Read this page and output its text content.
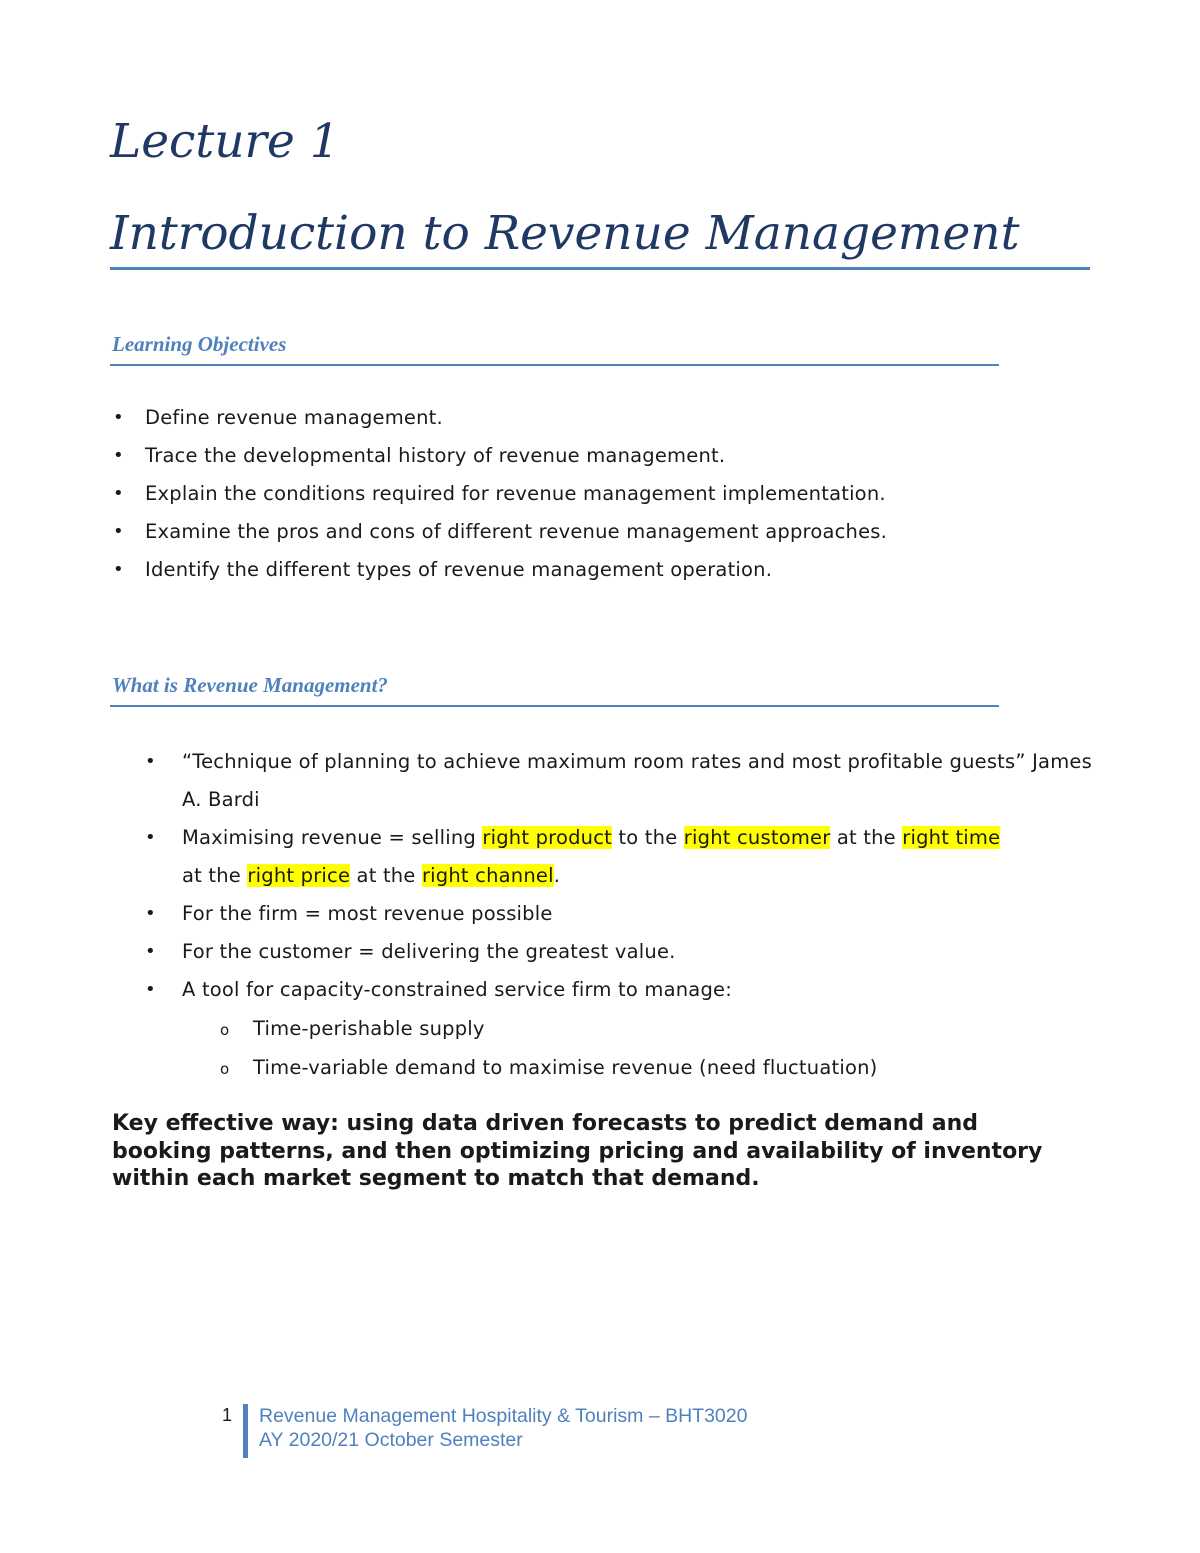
Lecture 1
Introduction to Revenue Management
Learning Objectives
• Define revenue management.
• Trace the developmental history of revenue management.
• Explain the conditions required for revenue management implementation.
• Examine the pros and cons of different revenue management approaches.
• Identify the different types of revenue management operation.
What is Revenue Management?
• “Technique of planning to achieve maximum room rates and most profitable guests” James A. Bardi
• Maximising revenue = selling right product to the right customer at the right time
at the right price at the right channel.
• For the firm = most revenue possible
• For the customer = delivering the greatest value.
• A tool for capacity-constrained service firm to manage:
o Time-perishable supply
o Time-variable demand to maximise revenue (need fluctuation)

Key effective way: using data driven forecasts to predict demand and booking patterns, and then optimizing pricing and availability of inventory within each market segment to match that demand.

1 Revenue Management Hospitality & Tourism – BHT3020
AY 2020/21 October Semester
